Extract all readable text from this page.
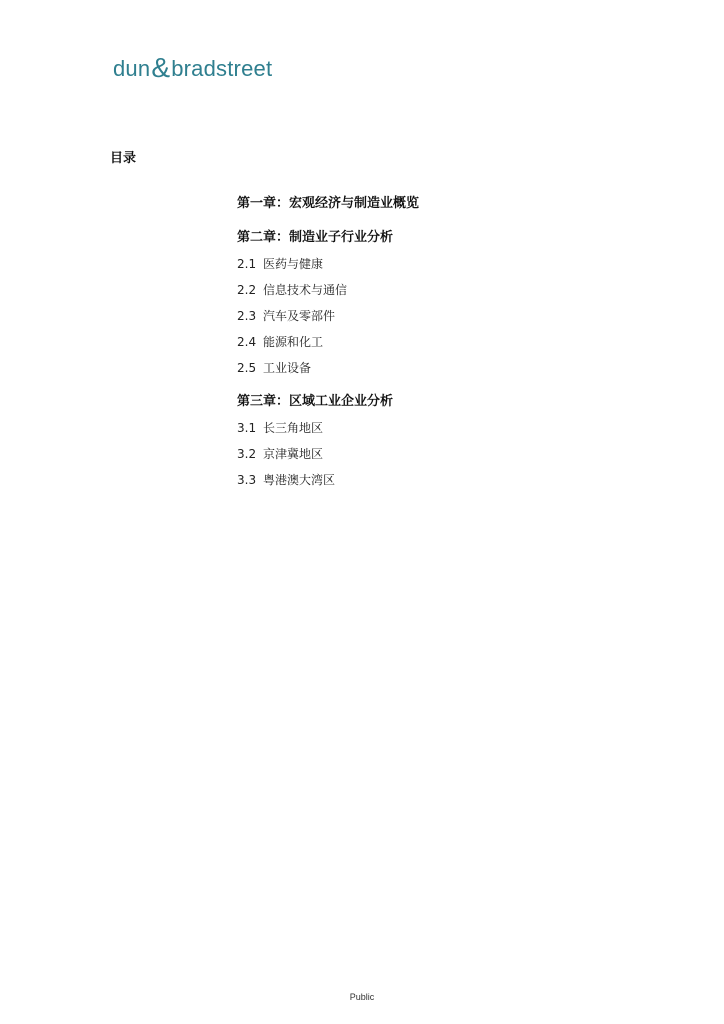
dun & bradstreet
目录
第一章：宏观经济与制造业概览
第二章：制造业子行业分析
2.1 医药与健康
2.2 信息技术与通信
2.3 汽车及零部件
2.4 能源和化工
2.5 工业设备
第三章：区域工业企业分析
3.1 长三角地区
3.2 京津冀地区
3.3 粤港澳大湾区
Public
